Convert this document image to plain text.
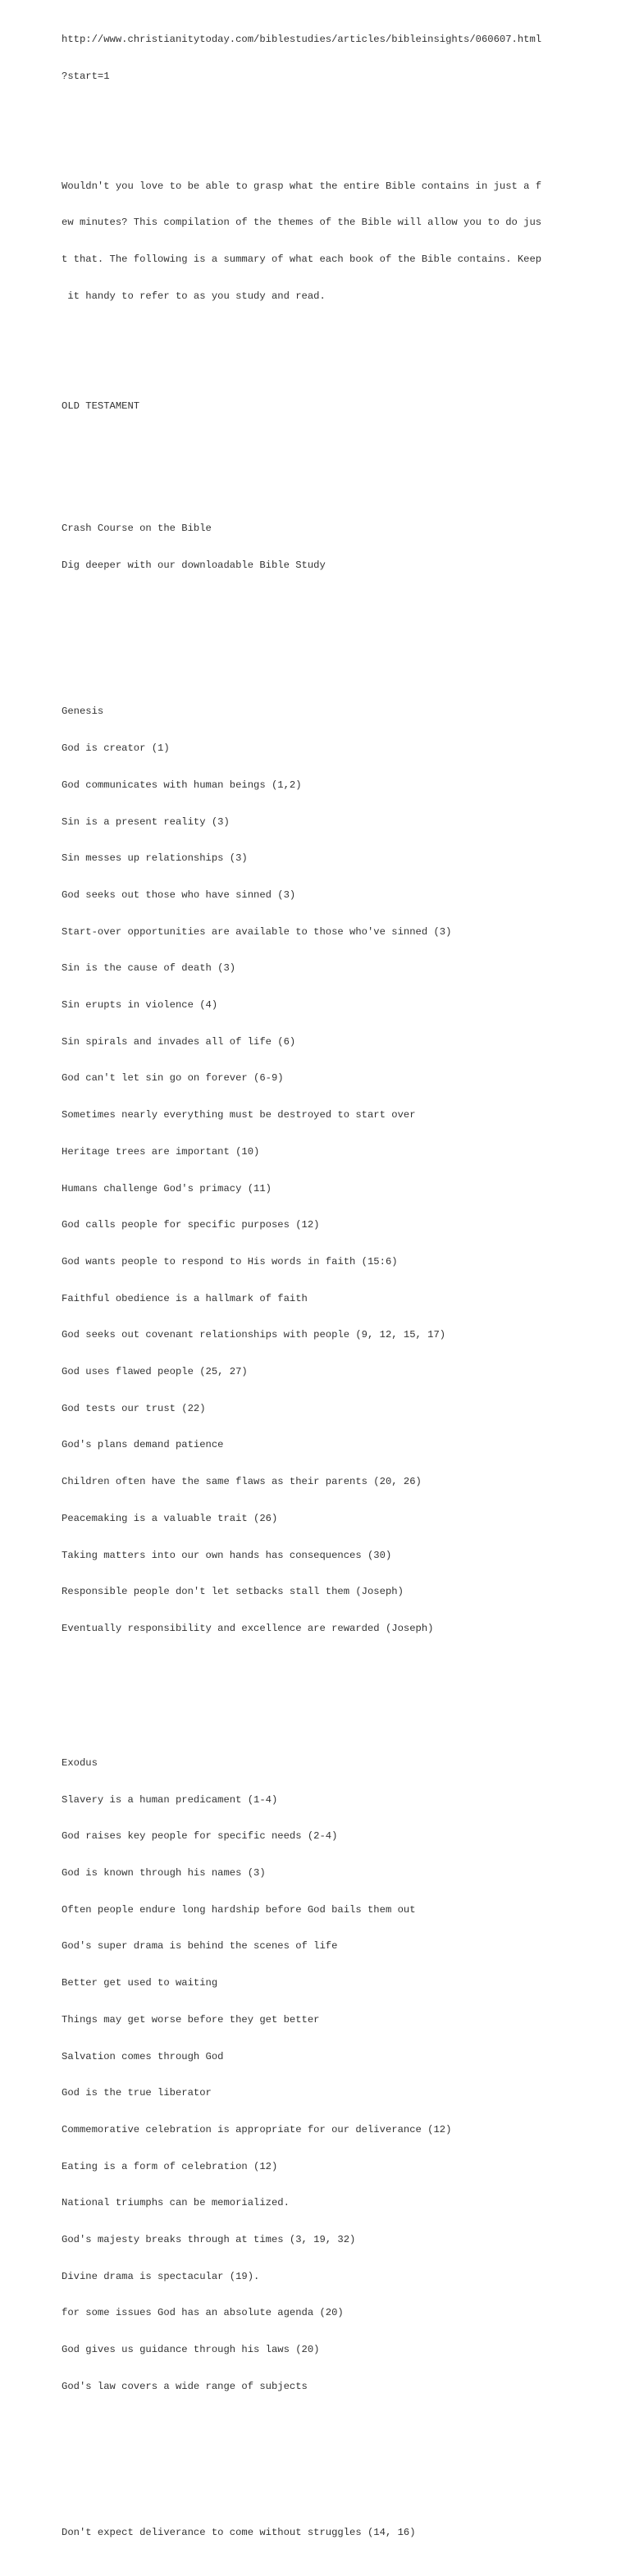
http://www.christianitytoday.com/biblestudies/articles/bibleinsights/060607.html

?start=1

Wouldn't you love to be able to grasp what the entire Bible contains in just a f

ew minutes? This compilation of the themes of the Bible will allow you to do jus

t that. The following is a summary of what each book of the Bible contains. Keep

it handy to refer to as you study and read.

OLD TESTAMENT

Crash Course on the Bible

Dig deeper with our downloadable Bible Study

Genesis

God is creator (1)

God communicates with human beings (1,2)

Sin is a present reality (3)

Sin messes up relationships (3)

God seeks out those who have sinned (3)

Start-over opportunities are available to those who've sinned (3)

Sin is the cause of death (3)

Sin erupts in violence (4)

Sin spirals and invades all of life (6)

God can't let sin go on forever (6-9)

Sometimes nearly everything must be destroyed to start over

Heritage trees are important (10)

Humans challenge God's primacy (11)

God calls people for specific purposes (12)

God wants people to respond to His words in faith (15:6)

Faithful obedience is a hallmark of faith

God seeks out covenant relationships with people (9, 12, 15, 17)

God uses flawed people (25, 27)

God tests our trust (22)

God's plans demand patience

Children often have the same flaws as their parents (20, 26)

Peacemaking is a valuable trait (26)

Taking matters into our own hands has consequences (30)

Responsible people don't let setbacks stall them (Joseph)

Eventually responsibility and excellence are rewarded (Joseph)

Exodus

Slavery is a human predicament (1-4)

God raises key people for specific needs (2-4)

God is known through his names (3)

Often people endure long hardship before God bails them out

God's super drama is behind the scenes of life

Better get used to waiting

Things may get worse before they get better

Salvation comes through God

God is the true liberator

Commemorative celebration is appropriate for our deliverance (12)

Eating is a form of celebration (12)

National triumphs can be memorialized.

God's majesty breaks through at times (3, 19, 32)

Divine drama is spectacular (19).

for some issues God has an absolute agenda (20)

God gives us guidance through his laws (20)

God's law covers a wide range of subjects

Don't expect deliverance to come without struggles (14, 16)
